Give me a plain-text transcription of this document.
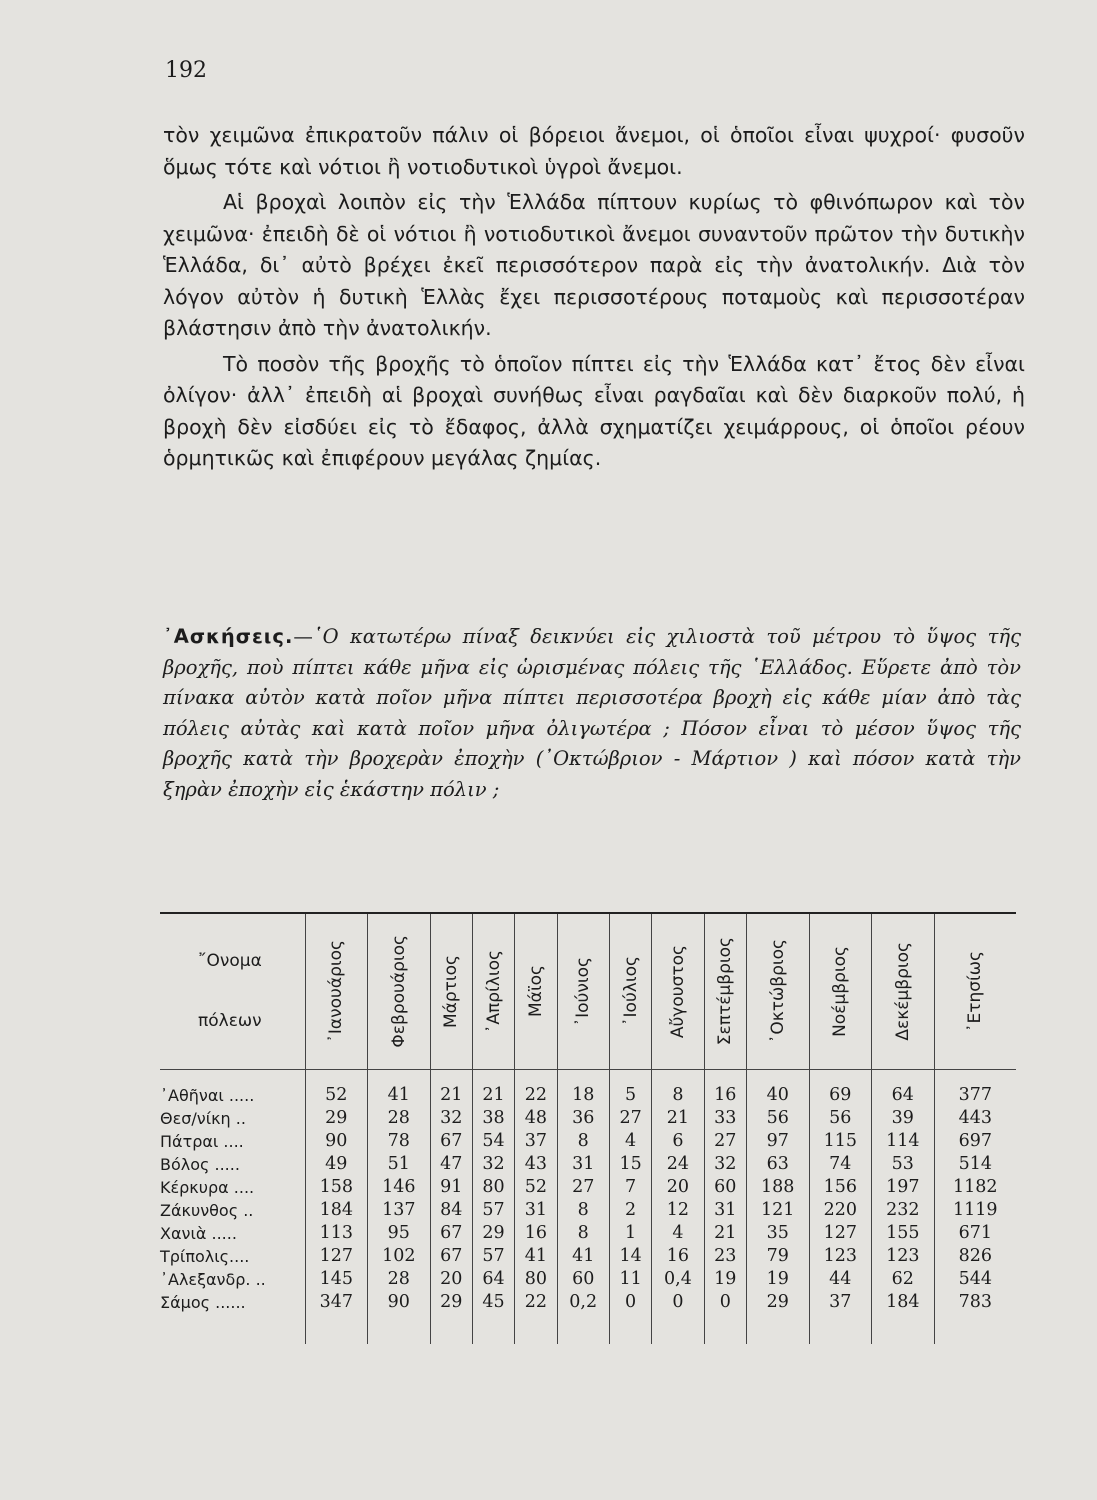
192

τὸν χειμῶνα ἐπικρατοῦν πάλιν οἱ βόρειοι ἄνεμοι, οἱ ὁποῖοι εἶναι ψυχροί· φυσοῦν ὅμως τότε καὶ νότιοι ἢ νοτιοδυτικοὶ ὑγροὶ ἄνεμοι.

Αἱ βροχαὶ λοιπὸν εἰς τὴν Ἑλλάδα πίπτουν κυρίως τὸ φθινόπωρον καὶ τὸν χειμῶνα· ἐπειδὴ δὲ οἱ νότιοι ἢ νοτιοδυτικοὶ ἄνεμοι συναντοῦν πρῶτον τὴν δυτικὴν Ἑλλάδα, δι᾽ αὐτὸ βρέχει ἐκεῖ περισσότερον παρὰ εἰς τὴν ἀνατολικήν. Διὰ τὸν λόγον αὐτὸν ἡ δυτικὴ Ἑλλὰς ἔχει περισσοτέρους ποταμοὺς καὶ περισσοτέραν βλάστησιν ἀπὸ τὴν ἀνατολικήν.

Τὸ ποσὸν τῆς βροχῆς τὸ ὁποῖον πίπτει εἰς τὴν Ἑλλάδα κατ᾽ ἔτος δὲν εἶναι ὀλίγον· ἀλλ᾽ ἐπειδὴ αἱ βροχαὶ συνήθως εἶναι ραγδαῖαι καὶ δὲν διαρκοῦν πολύ, ἡ βροχὴ δὲν εἰσδύει εἰς τὸ ἔδαφος, ἀλλὰ σχηματίζει χειμάρρους, οἱ ὁποῖοι ρέουν ὁρμητικῶς καὶ ἐπιφέρουν μεγάλας ζημίας.

᾽Ασκήσεις.—῾Ο κατωτέρω πίναξ δεικνύει εἰς χιλιοστὰ τοῦ μέτρου τὸ ὕψος τῆς βροχῆς, ποὺ πίπτει κάθε μῆνα εἰς ὡρισμένας πόλεις τῆς ῾Ελλάδος. Εὕρετε ἀπὸ τὸν πίνακα αὐτὸν κατὰ ποῖον μῆνα πίπτει περισσοτέρα βροχὴ εἰς κάθε μίαν ἀπὸ τὰς πόλεις αὐτὰς καὶ κατὰ ποῖον μῆνα ὀλιγωτέρα ; Πόσον εἶναι τὸ μέσον ὕψος τῆς βροχῆς κατὰ τὴν βροχερὰν ἐποχὴν (᾽Οκτώβριον - Μάρτιον ) καὶ πόσον κατὰ τὴν ξηρὰν ἐποχὴν εἰς ἑκάστην πόλιν ;
῎Ονομα
πόλεων	᾽Ιανουάριος	Φεβρουάριος	Μάρτιος	᾽Απρίλιος	Μάϊος	᾽Ιούνιος	᾽Ιούλιος	Αὔγουστος	Σεπτέμβριος	᾽Οκτώβριος	Νοέμβριος	Δεκέμβριος	᾽Ετησίως

᾽Αθῆναι .....	52	41	21	21	22	18	5	8	16	40	69	64	377
Θεσ/νίκη ..	29	28	32	38	48	36	27	21	33	56	56	39	443
Πάτραι ....	90	78	67	54	37	8	4	6	27	97	115	114	697
Βόλος .....	49	51	47	32	43	31	15	24	32	63	74	53	514
Κέρκυρα ....	158	146	91	80	52	27	7	20	60	188	156	197	1182
Ζάκυνθος ..	184	137	84	57	31	8	2	12	31	121	220	232	1119
Χανιὰ .....	113	95	67	29	16	8	1	4	21	35	127	155	671
Τρίπολις....	127	102	67	57	41	41	14	16	23	79	123	123	826
᾽Αλεξανδρ. ..	145	28	20	64	80	60	11	0,4	19	19	44	62	544
Σάμος ......	347	90	29	45	22	0,2	0	0	0	29	37	184	783
